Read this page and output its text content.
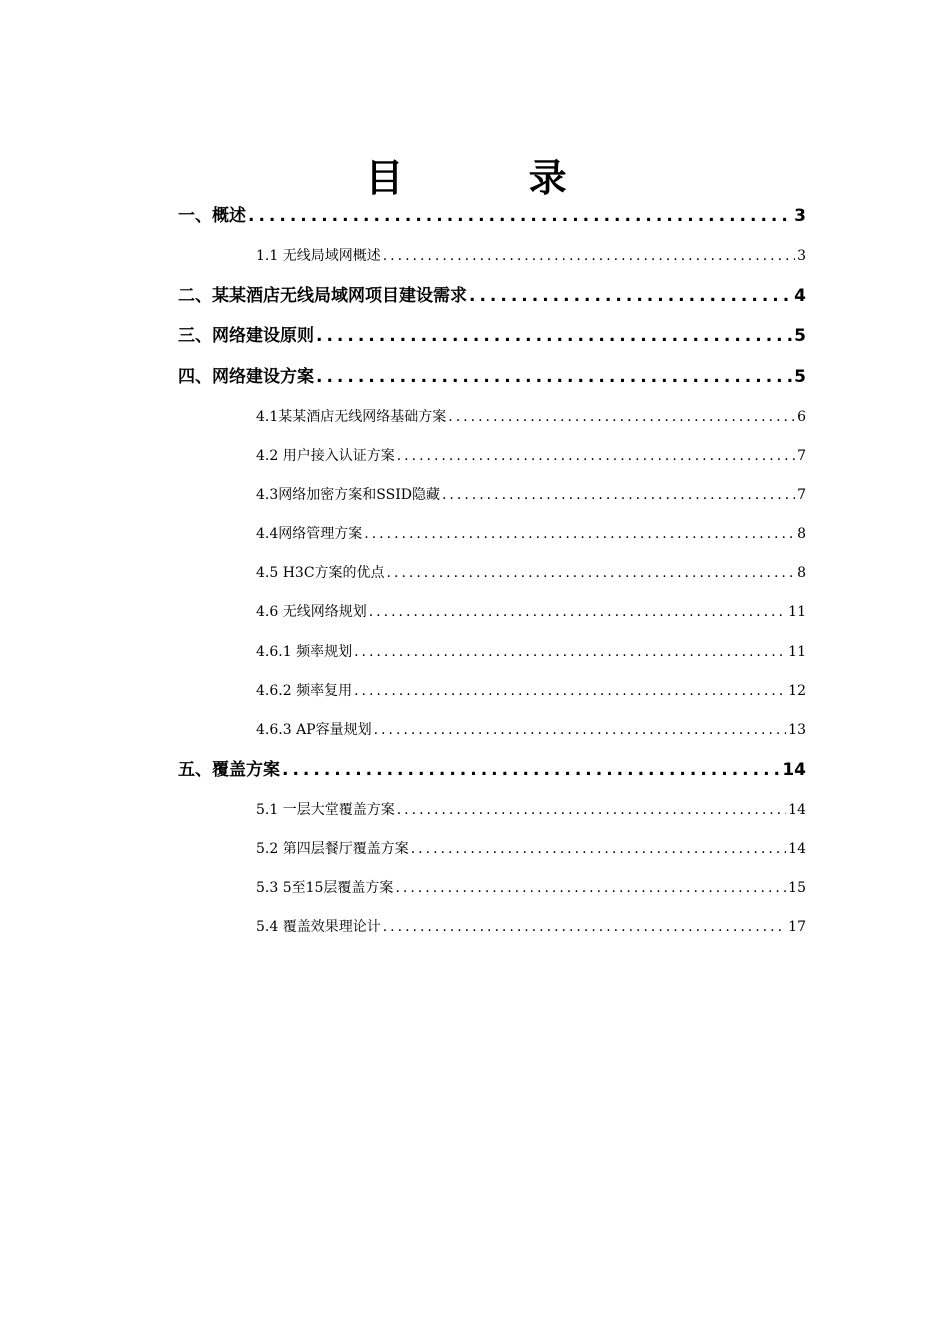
目 录
一、概述 .....	3
1.1 无线局域网概述 .....	3
二、某某酒店无线局域网项目建设需求 .....	4
三、网络建设原则 .....	5
四、网络建设方案 .....	5
4.1某某酒店无线网络基础方案 .....	6
4.2 用户接入认证方案 .....	7
4.3网络加密方案和SSID隐藏 .....	7
4.4网络管理方案 .....	8
4.5 H3C方案的优点 .....	8
4.6 无线网络规划 .....	11
4.6.1 频率规划 .....	11
4.6.2 频率复用 .....	12
4.6.3 AP容量规划 .....	13
五、覆盖方案 .....	14
5.1 一层大堂覆盖方案 .....	14
5.2 第四层餐厅覆盖方案 .....	14
5.3 5至15层覆盖方案 .....	15
5.4 覆盖效果理论计 .....	17
